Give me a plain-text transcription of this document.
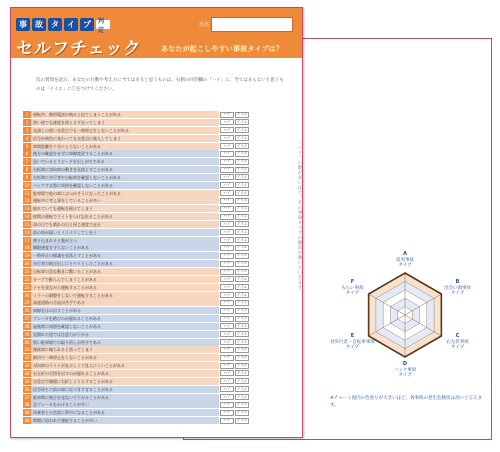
事	故	タ	イ	プ	判定
セルフチェック
氏名
あなたが起こしやすい事故タイプは？
次の質問を読み、あなたの行動や考え方に当てはまると思うものは、右側の回答欄の「ハイ」に、当てはまらないと思うものは「イイエ」に〇をつけてください。
1	運転中、携帯電話が鳴ると出てしまうことがある	ハイ	イイエ
2	狭い道でも速度を落とさず走ってしまう	ハイ	イイエ
3	見通しの悪い交差点でも一時停止をしないことがある	ハイ	イイエ
4	信号が黄色に変わっても交差点に進入してしまう	ハイ	イイエ
5	車間距離を十分にとらないことがある	ハイ	イイエ
6	後方の確認をせずに車線変更することがある	ハイ	イイエ
7	急いでいるとスピードを出しがちである	ハイ	イイエ
8	右折時に対向車の動きを見落とすことがある	ハイ	イイエ
9	左折時に歩行者や自転車を確認しないことがある	ハイ	イイエ
10 バックする際に周囲を確認しないことがある	ハイ	イイエ
11 駐車場で他の車にぶつけそうになったことがある	ハイ	イイエ
12 運転中に考え事をしていることが多い	ハイ	イイエ
13 疲れていても運転を続けてしまう	ハイ	イイエ
14 夜間の運転でライトをつけ忘れることがある	ハイ	イイエ
15 雨の日でも晴れの日と同じ速度で走る	ハイ	イイエ
16 前の車が遅いとイライラしてしまう	ハイ	イイエ
17 割り込まれると腹が立つ	ハイ	イイエ
18 制限速度を守らないことがある	ハイ	イイエ
19 一時停止の標識を見落とすことがある	ハイ	イイエ
20 歩行者の飛び出しにヒヤリとしたことがある	ハイ	イイエ
21 自転車の急な動きに驚いたことがある	ハイ	イイエ
22 カーブで膨らんでしまうことがある	ハイ	イイエ
23 ナビを見ながら運転することがある	ハイ	イイエ
24 ミラーの調整をしないで運転することがある	ハイ	イイエ
25 高速道路の合流が苦手である	ハイ	イイエ
26 車線をはみ出すことがある	ハイ	イイエ
27 ブレーキを踏むのが遅れることがある	ハイ	イイエ
28 発進時に周囲を確認しないことがある	ハイ	イイエ
29 見慣れた道では注意力が下がる	ハイ	イイエ
30 狭い駐車場での取り回しが苦手である	ハイ	イイエ
31 後続車に煽られると焦ってしまう	ハイ	イイエ
32 踏切で一時停止をしないことがある	ハイ	イイエ
33 対向車のライトがまぶしくて見えにくいことがある	ハイ	イイエ
34 右左折の合図を出すのが遅れることがある	ハイ	イイエ
35 交差点で無理に右折しようとすることがある	ハイ	イイエ
36 信号待ちで前の車に近づきすぎることがある	ハイ	イイエ
37 駐車時に後方を見ないで下がることがある	ハイ	イイエ
38 急ブレーキをかけることが多い	ハイ	イイエ
39 同乗者との会話に夢中になることがある	ハイ	イイエ
40 時間に追われて運転することが多い	ハイ	イイエ
「ハイ」の数が多いほど、その事故タイプの傾向が強いといえます。	A
追突事故
タイプ
B
出会い頭事故
タイプ
C
右左折事故
タイプ
D
バック事故
タイプ
E
対歩行者・自転車事故
タイプ
F
もらい事故
タイプ
※チャート図内の色塗りが大きいほど、各事故の発生危険度は高いと言えます。
